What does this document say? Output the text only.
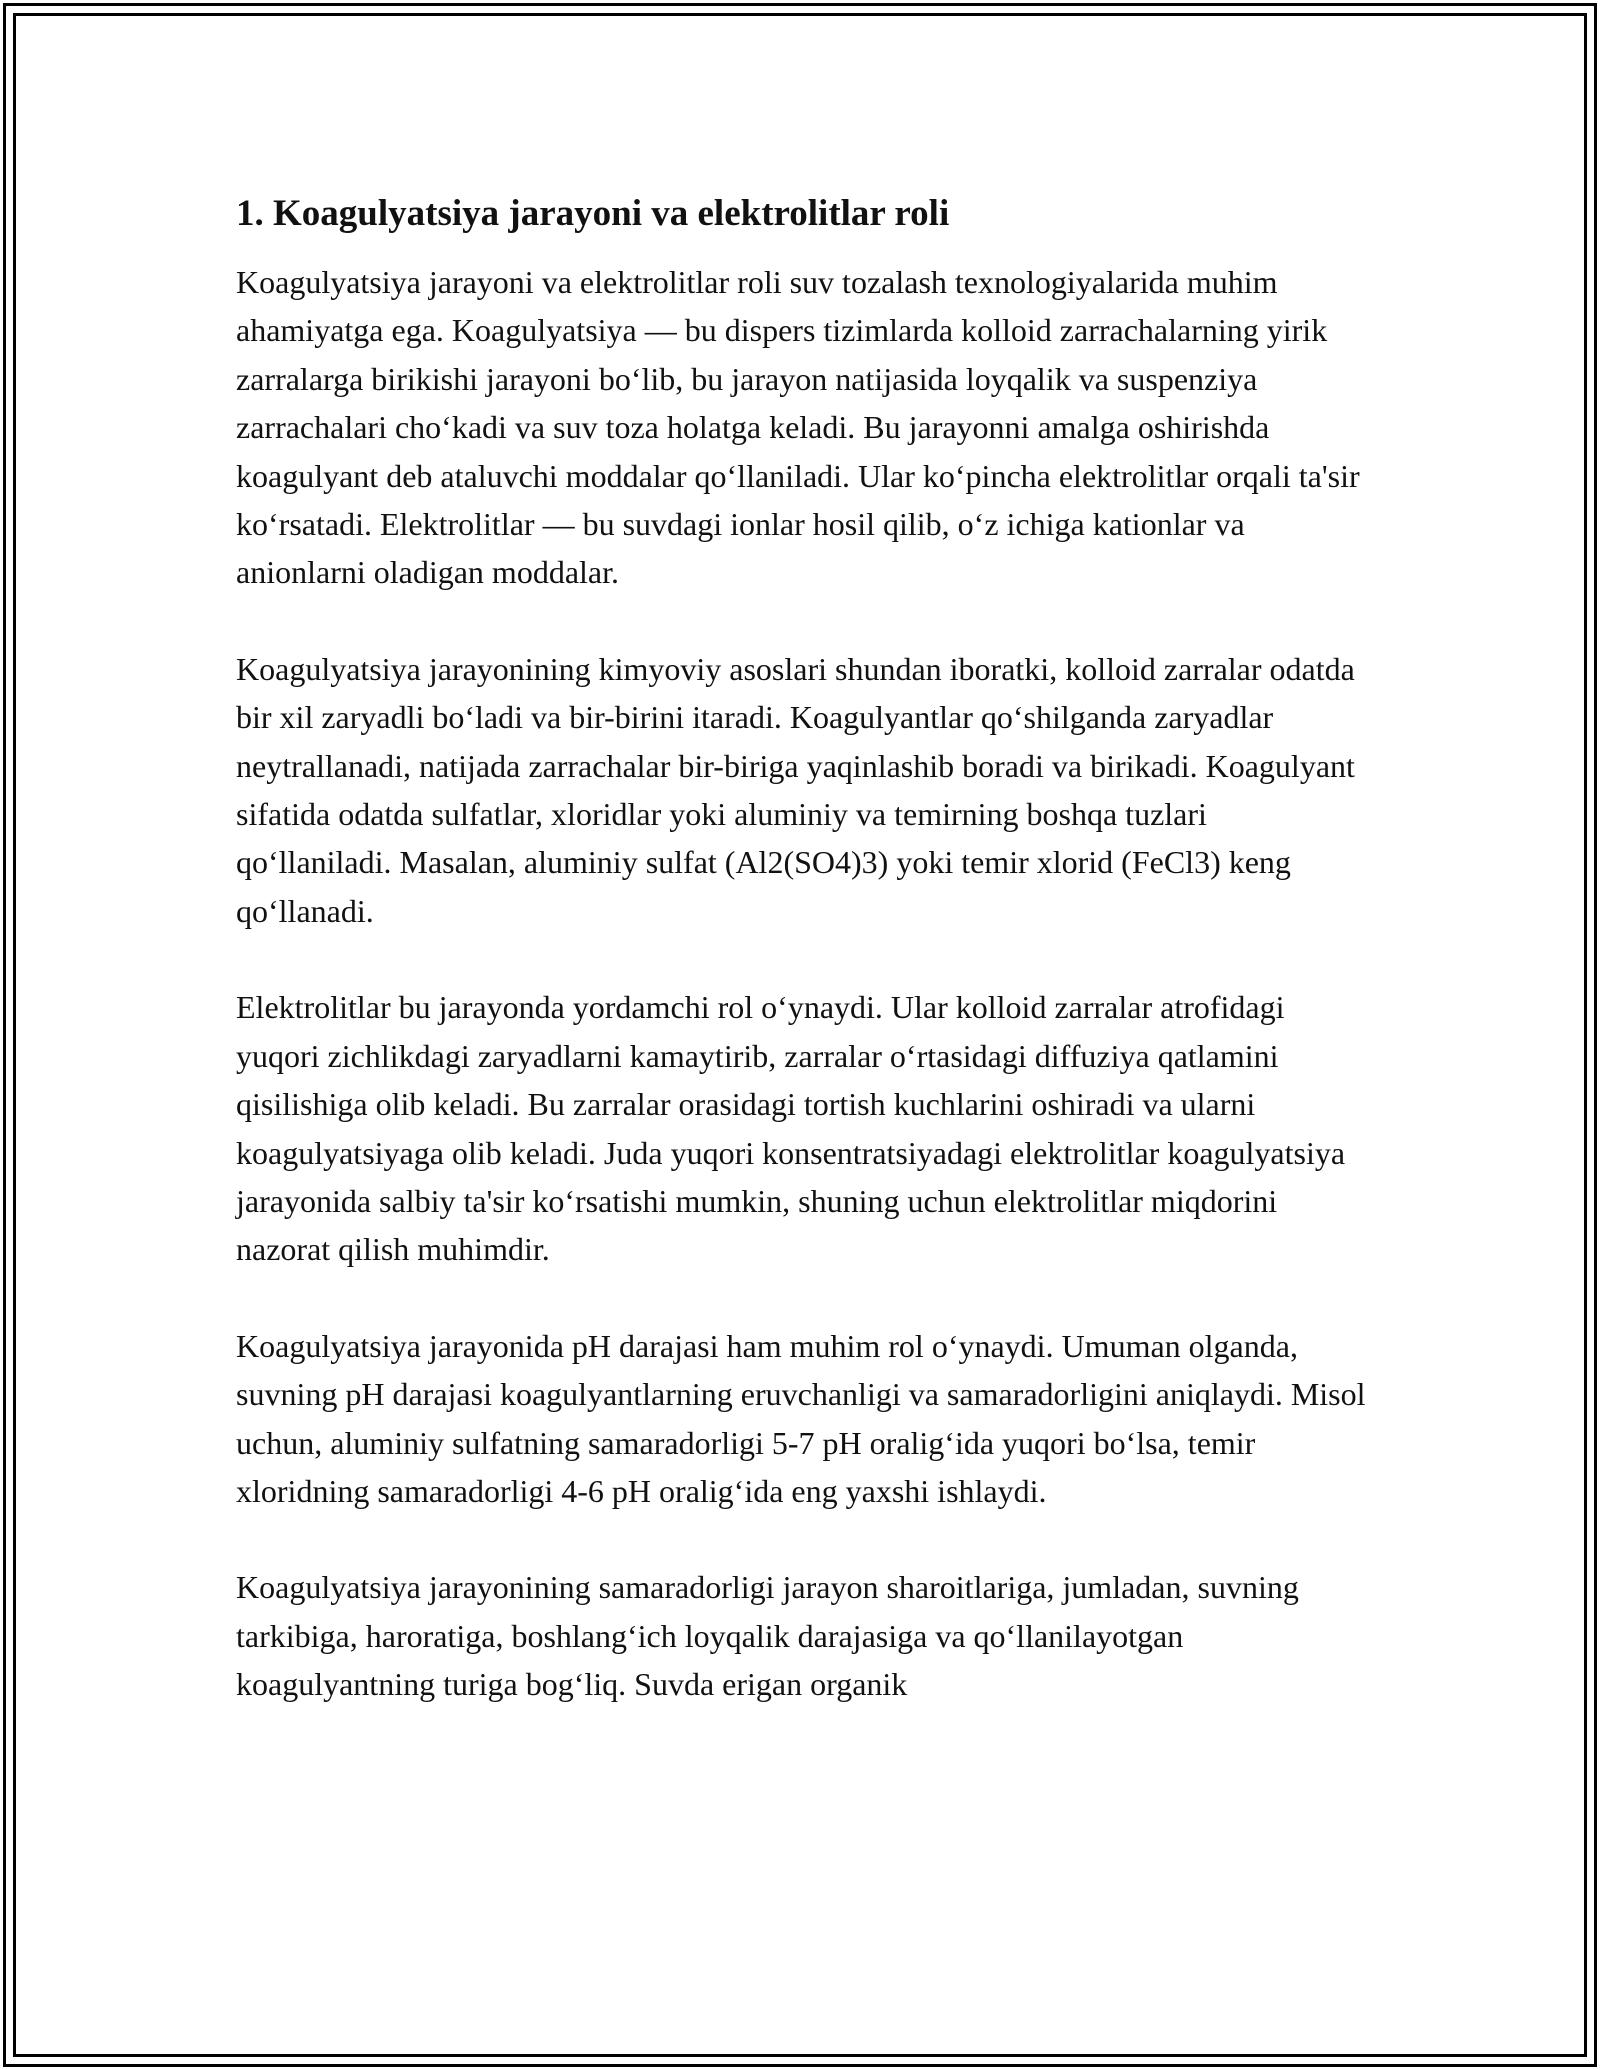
1. Koagulyatsiya jarayoni va elektrolitlar roli

Koagulyatsiya jarayoni va elektrolitlar roli suv tozalash texnologiyalarida muhim ahamiyatga ega. Koagulyatsiya — bu dispers tizimlarda kolloid zarrachalarning yirik zarralarga birikishi jarayoni bo‘lib, bu jarayon natijasida loyqalik va suspenziya zarrachalari cho‘kadi va suv toza holatga keladi. Bu jarayonni amalga oshirishda koagulyant deb ataluvchi moddalar qo‘llaniladi. Ular ko‘pincha elektrolitlar orqali ta'sir ko‘rsatadi. Elektrolitlar — bu suvdagi ionlar hosil qilib, o‘z ichiga kationlar va anionlarni oladigan moddalar.

Koagulyatsiya jarayonining kimyoviy asoslari shundan iboratki, kolloid zarralar odatda bir xil zaryadli bo‘ladi va bir-birini itaradi. Koagulyantlar qo‘shilganda zaryadlar neytrallanadi, natijada zarrachalar bir-biriga yaqinlashib boradi va birikadi. Koagulyant sifatida odatda sulfatlar, xloridlar yoki aluminiy va temirning boshqa tuzlari qo‘llaniladi. Masalan, aluminiy sulfat (Al2(SO4)3) yoki temir xlorid (FeCl3) keng qo‘llanadi.

Elektrolitlar bu jarayonda yordamchi rol o‘ynaydi. Ular kolloid zarralar atrofidagi yuqori zichlikdagi zaryadlarni kamaytirib, zarralar o‘rtasidagi diffuziya qatlamini qisilishiga olib keladi. Bu zarralar orasidagi tortish kuchlarini oshiradi va ularni koagulyatsiyaga olib keladi. Juda yuqori konsentratsiyadagi elektrolitlar koagulyatsiya jarayonida salbiy ta'sir ko‘rsatishi mumkin, shuning uchun elektrolitlar miqdorini nazorat qilish muhimdir.

Koagulyatsiya jarayonida pH darajasi ham muhim rol o‘ynaydi. Umuman olganda, suvning pH darajasi koagulyantlarning eruvchanligi va samaradorligini aniqlaydi. Misol uchun, aluminiy sulfatning samaradorligi 5-7 pH oralig‘ida yuqori bo‘lsa, temir xloridning samaradorligi 4-6 pH oralig‘ida eng yaxshi ishlaydi.

Koagulyatsiya jarayonining samaradorligi jarayon sharoitlariga, jumladan, suvning tarkibiga, haroratiga, boshlang‘ich loyqalik darajasiga va qo‘llanilayotgan koagulyantning turiga bog‘liq. Suvda erigan organik
